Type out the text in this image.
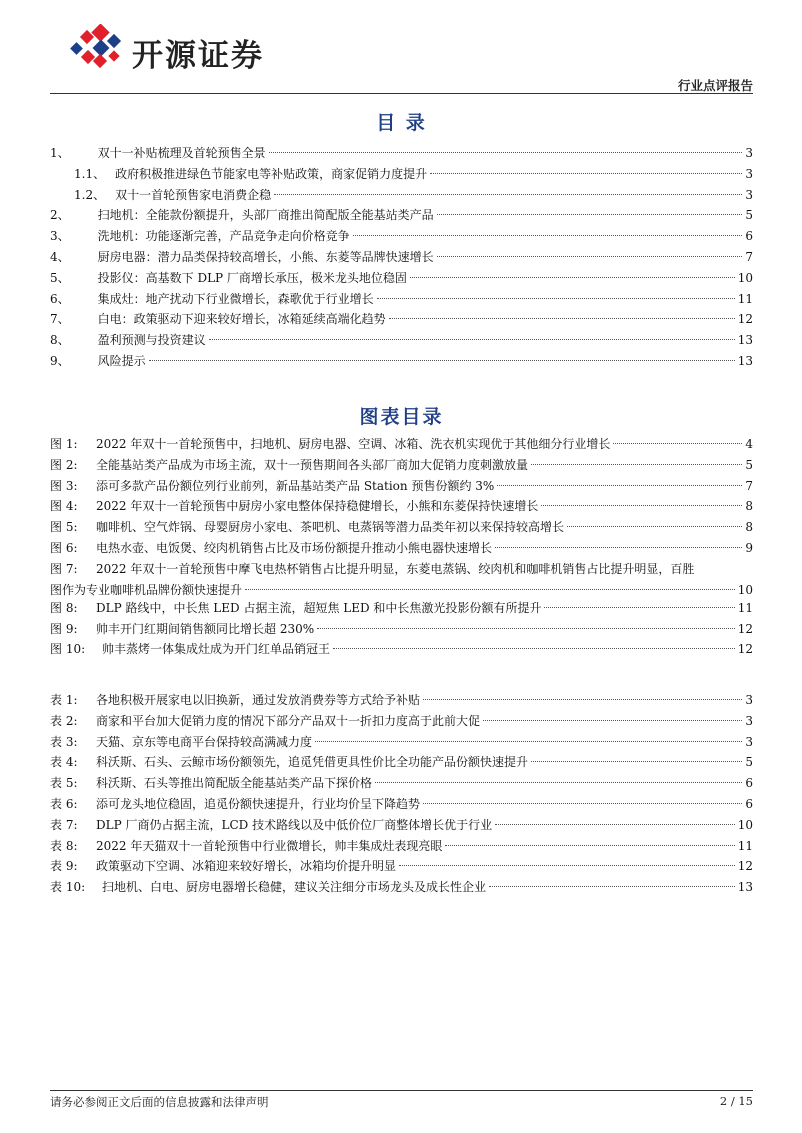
开源证券
行业点评报告
目 录
1、 双十一补贴梳理及首轮预售全景	3
1.1、 政府积极推进绿色节能家电等补贴政策，商家促销力度提升	3
1.2、 双十一首轮预售家电消费企稳	3
2、 扫地机：全能款份额提升，头部厂商推出简配版全能基站类产品	5
3、 洗地机：功能逐渐完善，产品竞争走向价格竞争	6
4、 厨房电器：潜力品类保持较高增长，小熊、东菱等品牌快速增长	7
5、 投影仪：高基数下 DLP 厂商增长承压，极米龙头地位稳固	10
6、 集成灶：地产扰动下行业微增长，森歌优于行业增长	11
7、 白电：政策驱动下迎来较好增长，冰箱延续高端化趋势	12
8、 盈利预测与投资建议	13
9、 风险提示	13
图表目录
图 1:	2022 年双十一首轮预售中，扫地机、厨房电器、空调、冰箱、洗衣机实现优于其他细分行业增长	4
图 2:	全能基站类产品成为市场主流，双十一预售期间各头部厂商加大促销力度刺激放量	5
图 3:	添可多款产品份额位列行业前列，新品基站类产品 Station 预售份额约 3%	7
图 4:	2022 年双十一首轮预售中厨房小家电整体保持稳健增长，小熊和东菱保持快速增长	8
图 5:	咖啡机、空气炸锅、母婴厨房小家电、茶吧机、电蒸锅等潜力品类年初以来保持较高增长	8
图 6:	电热水壶、电饭煲、绞肉机销售占比及市场份额提升推动小熊电器快速增长	9
图 7:	2022 年双十一首轮预售中摩飞电热杯销售占比提升明显，东菱电蒸锅、绞肉机和咖啡机销售占比提升明显，百胜
图作为专业咖啡机品牌份额快速提升	10
图 8:	DLP 路线中，中长焦 LED 占据主流，超短焦 LED 和中长焦激光投影份额有所提升	11
图 9:	帅丰开门红期间销售额同比增长超 230%	12
图 10:	帅丰蒸烤一体集成灶成为开门红单品销冠王	12
表 1:	各地积极开展家电以旧换新，通过发放消费券等方式给予补贴	3
表 2:	商家和平台加大促销力度的情况下部分产品双十一折扣力度高于此前大促	3
表 3:	天猫、京东等电商平台保持较高满减力度	3
表 4:	科沃斯、石头、云鲸市场份额领先，追觅凭借更具性价比全功能产品份额快速提升	5
表 5:	科沃斯、石头等推出简配版全能基站类产品下探价格	6
表 6:	添可龙头地位稳固，追觅份额快速提升，行业均价呈下降趋势	6
表 7:	DLP 厂商仍占据主流，LCD 技术路线以及中低价位厂商整体增长优于行业	10
表 8:	2022 年天猫双十一首轮预售中行业微增长，帅丰集成灶表现亮眼	11
表 9:	政策驱动下空调、冰箱迎来较好增长，冰箱均价提升明显	12
表 10:	扫地机、白电、厨房电器增长稳健，建议关注细分市场龙头及成长性企业	13
请务必参阅正文后面的信息披露和法律声明	2 / 15
